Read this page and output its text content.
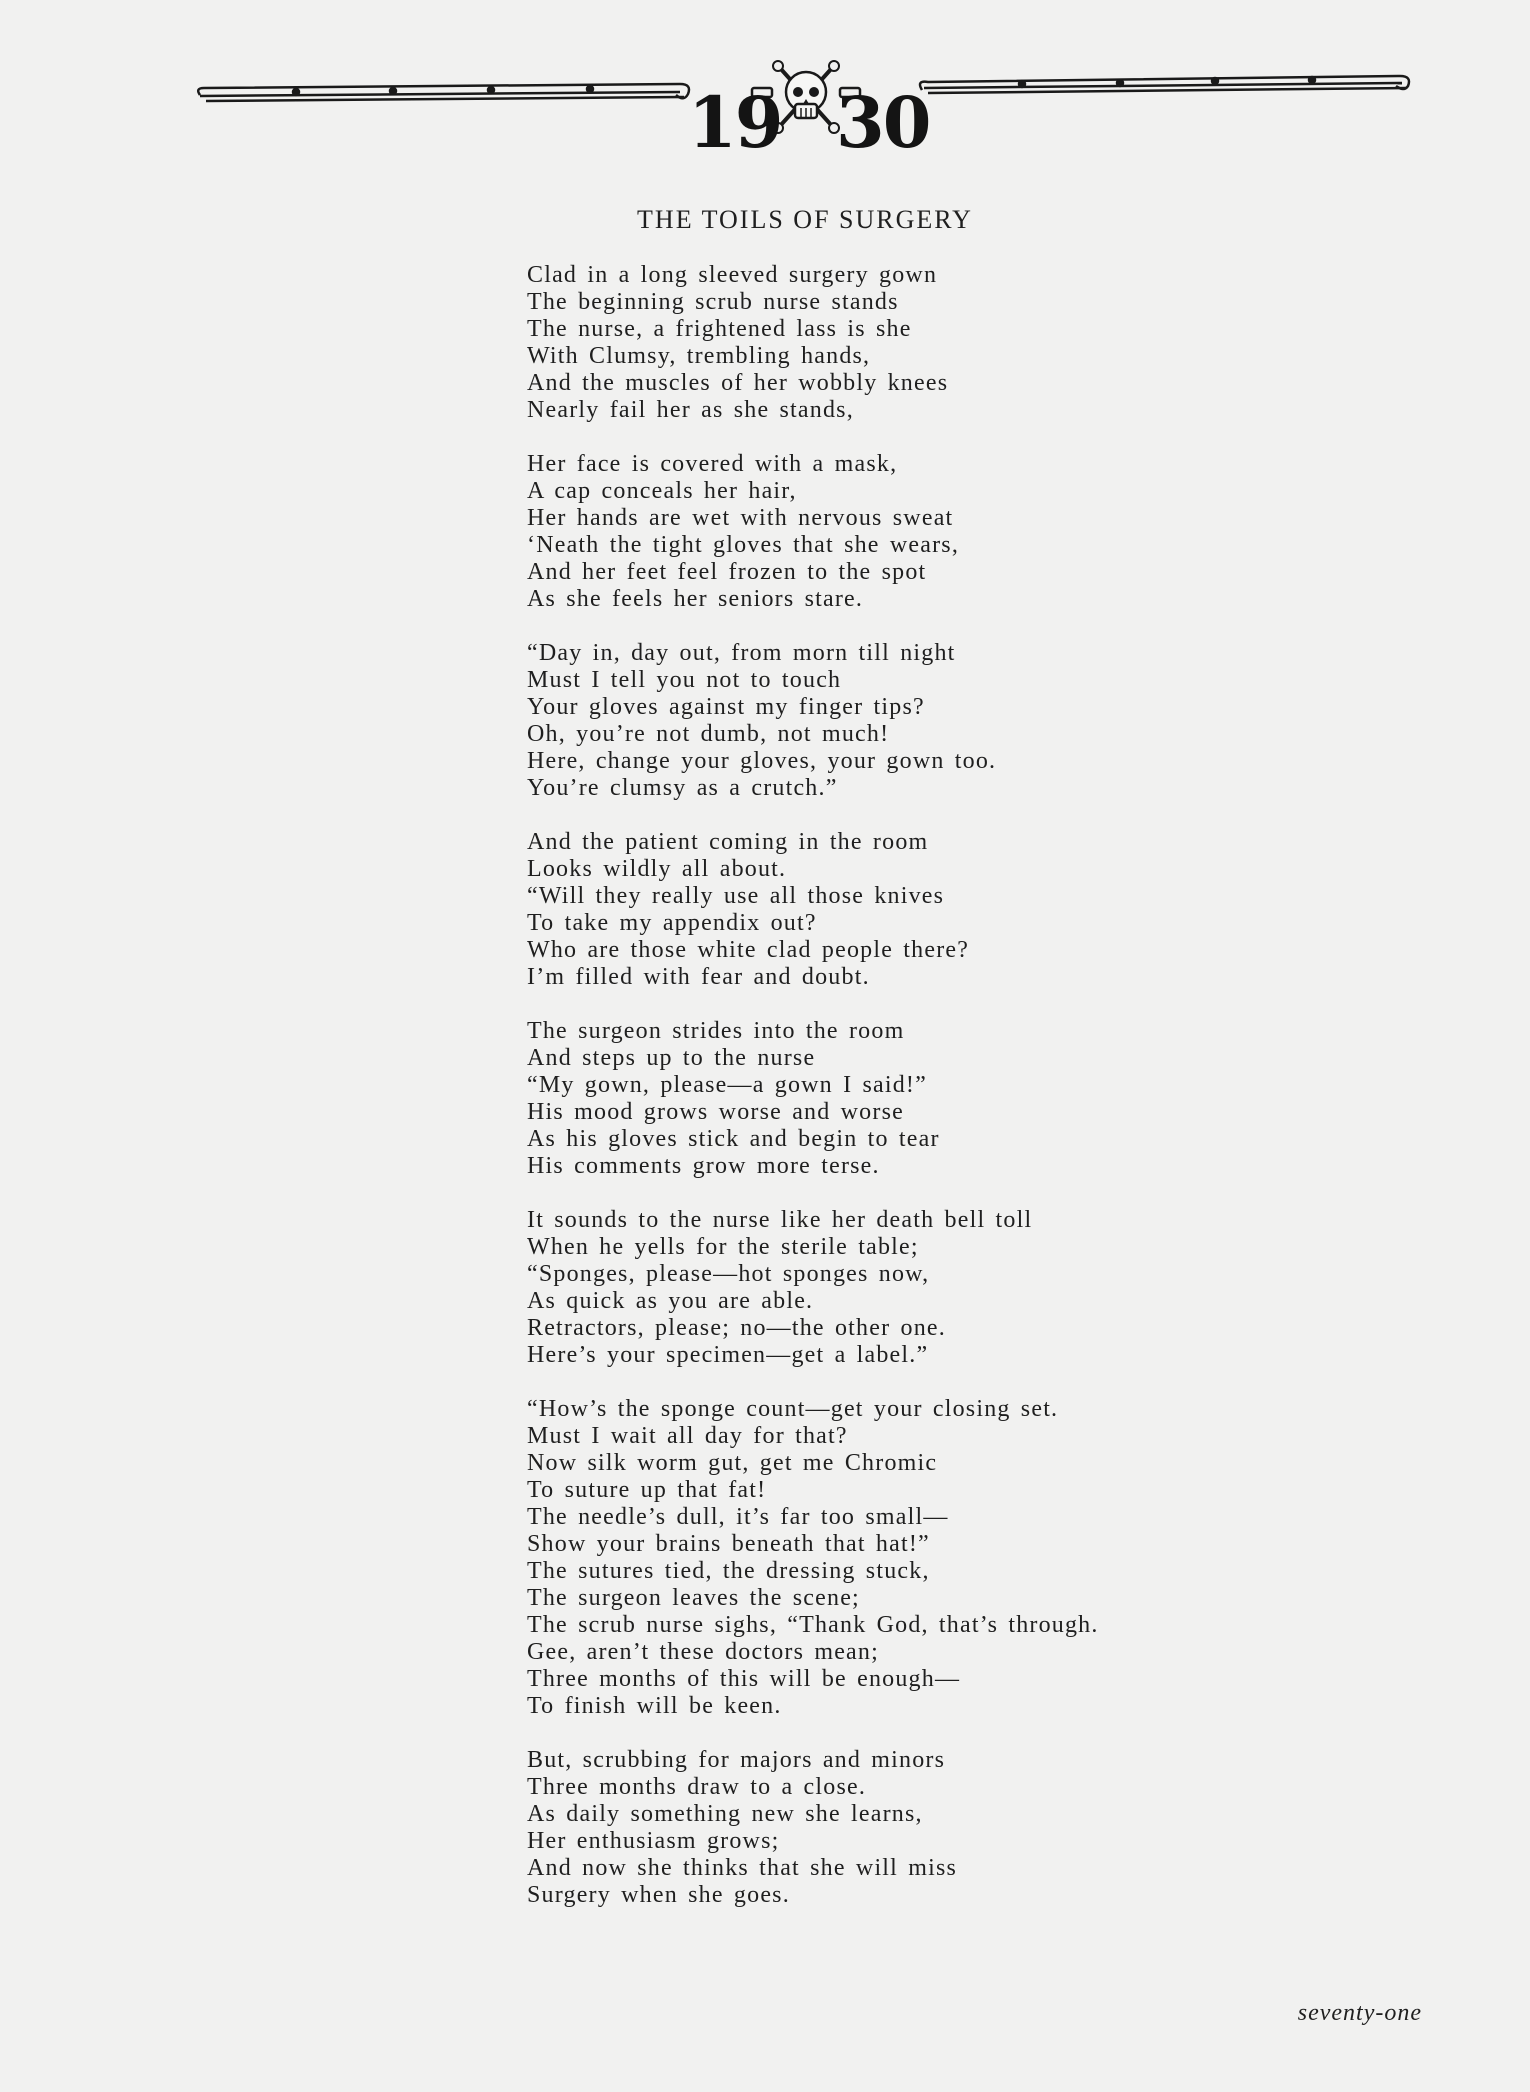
19 30
THE TOILS OF SURGERY
Clad in a long sleeved surgery gown
The beginning scrub nurse stands
The nurse, a frightened lass is she
With Clumsy, trembling hands,
And the muscles of her wobbly knees
Nearly fail her as she stands,
Her face is covered with a mask,
A cap conceals her hair,
Her hands are wet with nervous sweat
‘Neath the tight gloves that she wears,
And her feet feel frozen to the spot
As she feels her seniors stare.
“Day in, day out, from morn till night
Must I tell you not to touch
Your gloves against my finger tips?
Oh, you’re not dumb, not much!
Here, change your gloves, your gown too.
You’re clumsy as a crutch.”
And the patient coming in the room
Looks wildly all about.
“Will they really use all those knives
To take my appendix out?
Who are those white clad people there?
I’m filled with fear and doubt.
The surgeon strides into the room
And steps up to the nurse
“My gown, please—a gown I said!”
His mood grows worse and worse
As his gloves stick and begin to tear
His comments grow more terse.
It sounds to the nurse like her death bell toll
When he yells for the sterile table;
“Sponges, please—hot sponges now,
As quick as you are able.
Retractors, please; no—the other one.
Here’s your specimen—get a label.”
“How’s the sponge count—get your closing set.
Must I wait all day for that?
Now silk worm gut, get me Chromic
To suture up that fat!
The needle’s dull, it’s far too small—
Show your brains beneath that hat!”
The sutures tied, the dressing stuck,
The surgeon leaves the scene;
The scrub nurse sighs, “Thank God, that’s through.
Gee, aren’t these doctors mean;
Three months of this will be enough—
To finish will be keen.
But, scrubbing for majors and minors
Three months draw to a close.
As daily something new she learns,
Her enthusiasm grows;
And now she thinks that she will miss
Surgery when she goes.
seventy-one
